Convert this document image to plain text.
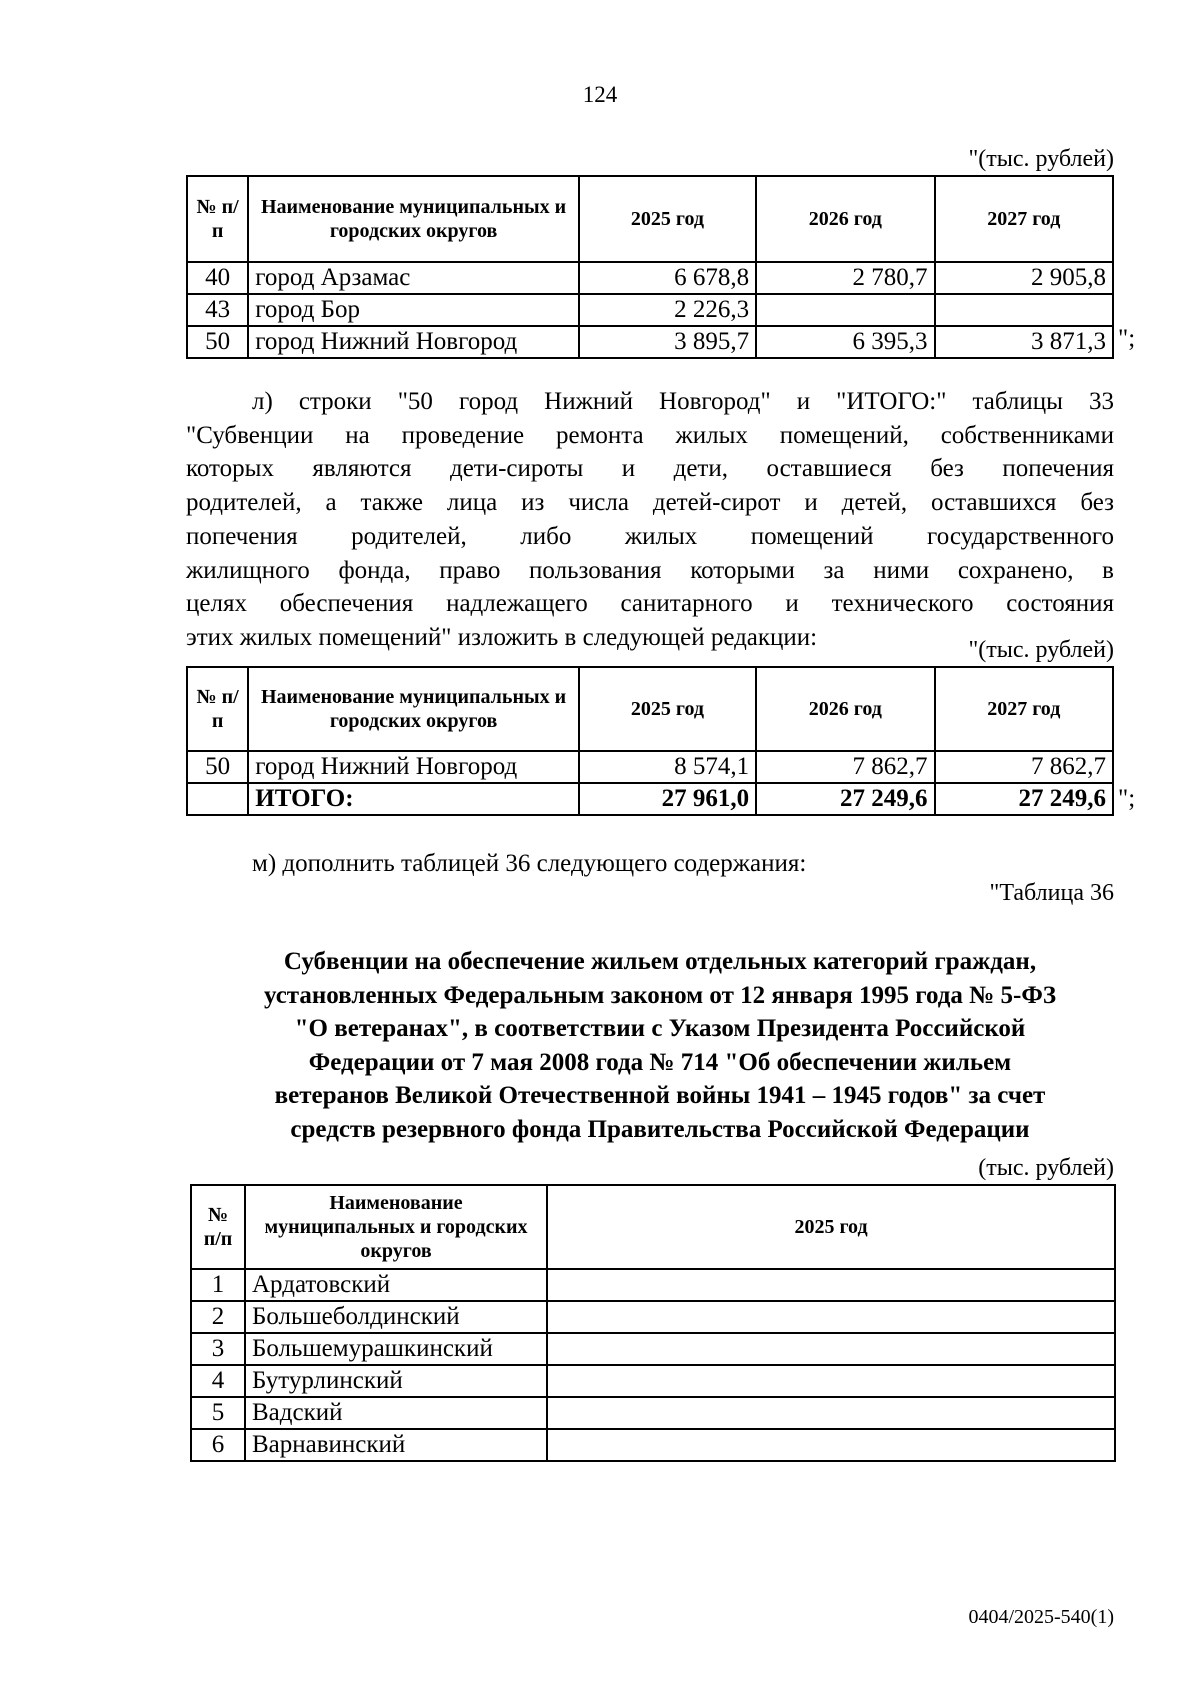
124
"(тыс. рублей)
№ п/п	Наименование муниципальных и городских округов	2025 год	2026 год	2027 год
40	город Арзамас	6 678,8	2 780,7	2 905,8
43	город Бор	2 226,3		
50	город Нижний Новгород	3 895,7	6 395,3	3 871,3 ";
л) строки "50 город Нижний Новгород" и "ИТОГО:" таблицы 33
"Субвенции на проведение ремонта жилых помещений, собственниками
которых являются дети-сироты и дети, оставшиеся без попечения
родителей, а также лица из числа детей-сирот и детей, оставшихся без
попечения родителей, либо жилых помещений государственного
жилищного фонда, право пользования которыми за ними сохранено, в
целях обеспечения надлежащего санитарного и технического состояния
этих жилых помещений" изложить в следующей редакции:	"(тыс. рублей)
№ п/п	Наименование муниципальных и городских округов	2025 год	2026 год	2027 год
50	город Нижний Новгород	8 574,1	7 862,7	7 862,7
	ИТОГО:	27 961,0	27 249,6	27 249,6 ";
м) дополнить таблицей 36 следующего содержания:
"Таблица 36
Субвенции на обеспечение жильем отдельных категорий граждан,
установленных Федеральным законом от 12 января 1995 года № 5-ФЗ
"О ветеранах", в соответствии с Указом Президента Российской
Федерации от 7 мая 2008 года № 714 "Об обеспечении жильем
ветеранов Великой Отечественной войны 1941 – 1945 годов" за счет
средств резервного фонда Правительства Российской Федерации
(тыс. рублей)
№ п/п	Наименование муниципальных и городских округов	2025 год
1	Ардатовский	
2	Большеболдинский	
3	Большемурашкинский	
4	Бутурлинский	
5	Вадский	
6	Варнавинский	
0404/2025-540(1)
